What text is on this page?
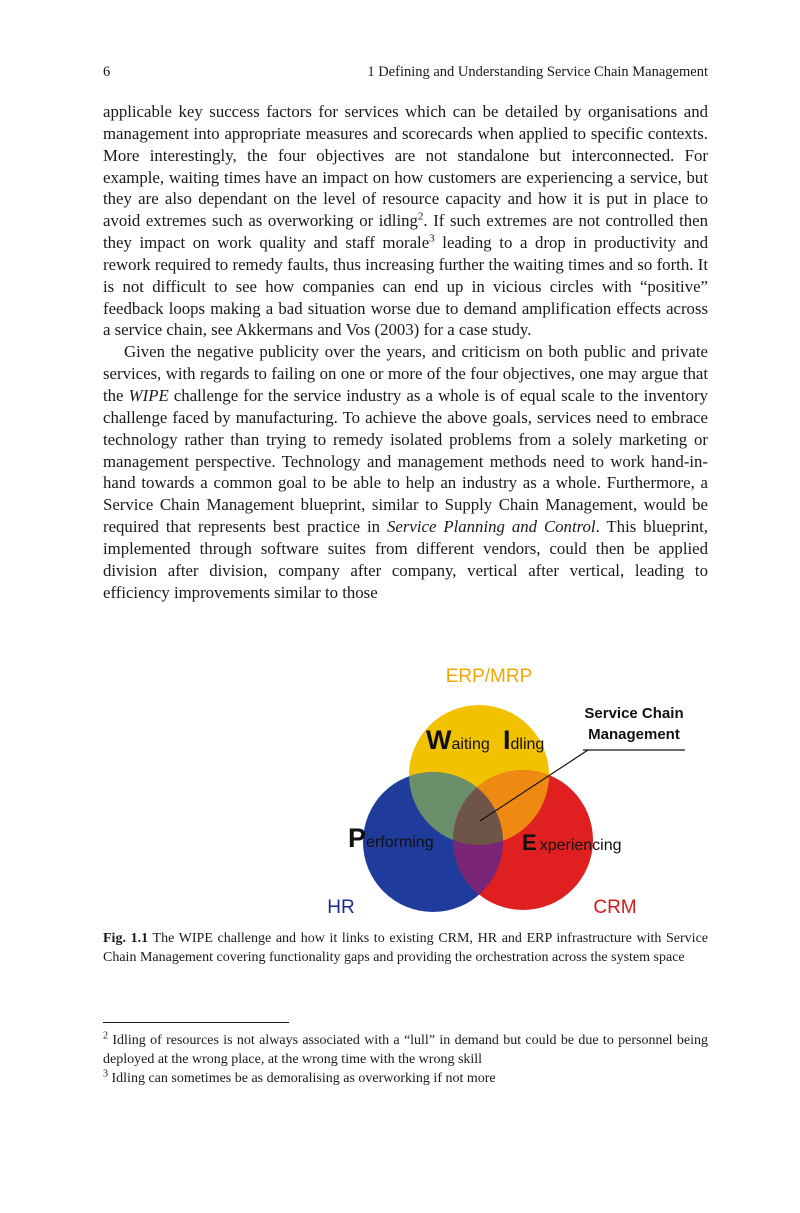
6	1 Defining and Understanding Service Chain Management

applicable key success factors for services which can be detailed by organisations and management into appropriate measures and scorecards when applied to specific contexts. More interestingly, the four objectives are not standalone but interconnected. For example, waiting times have an impact on how customers are experiencing a service, but they are also dependant on the level of resource capacity and how it is put in place to avoid extremes such as overworking or idling$^2$. If such extremes are not controlled then they impact on work quality and staff morale$^3$ leading to a drop in productivity and rework required to remedy faults, thus increasing further the waiting times and so forth. It is not difficult to see how companies can end up in vicious circles with “positive” feedback loops making a bad situation worse due to demand amplification effects across a service chain, see Akkermans and Vos (2003) for a case study.

Given the negative publicity over the years, and criticism on both public and private services, with regards to failing on one or more of the four objectives, one may argue that the WIPE challenge for the service industry as a whole is of equal scale to the inventory challenge faced by manufacturing. To achieve the above goals, services need to embrace technology rather than trying to remedy isolated problems from a solely marketing or management perspective. Technology and management methods need to work hand-in-hand towards a common goal to be able to help an industry as a whole. Furthermore, a Service Chain Management blueprint, similar to Supply Chain Management, would be required that represents best practice in Service Planning and Control. This blueprint, implemented through software suites from different vendors, could then be applied division after division, company after company, vertical after vertical, leading to efficiency improvements similar to those

ERP/MRP
HR	CRM
Service Chain
Management
Waiting Idling
Performing	E xperiencing
Fig. 1.1 The WIPE challenge and how it links to existing CRM, HR and ERP infrastructure with Service Chain Management covering functionality gaps and providing the orchestration across the system space

$^2$ Idling of resources is not always associated with a “lull” in demand but could be due to personnel being deployed at the wrong place, at the wrong time with the wrong skill

$^3$ Idling can sometimes be as demoralising as overworking if not more
